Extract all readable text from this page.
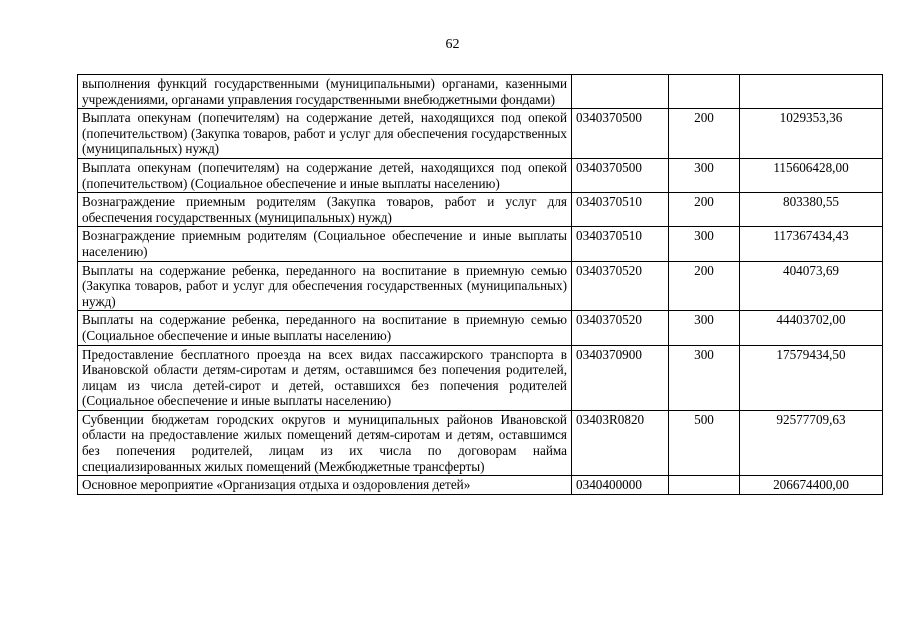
62
выполнения функций государственными (муниципальными) органами, казенными учреждениями, органами управления государственными внебюджетными фондами)			
Выплата опекунам (попечителям) на содержание детей, находящихся под опекой (попечительством) (Закупка товаров, работ и услуг для обеспечения государственных (муниципальных) нужд)	0340370500	200	1029353,36
Выплата опекунам (попечителям) на содержание детей, находящихся под опекой (попечительством) (Социальное обеспечение и иные выплаты населению)	0340370500	300	115606428,00
Вознаграждение приемным родителям (Закупка товаров, работ и услуг для обеспечения государственных (муниципальных) нужд)	0340370510	200	803380,55
Вознаграждение приемным родителям (Социальное обеспечение и иные выплаты населению)	0340370510	300	117367434,43
Выплаты на содержание ребенка, переданного на воспитание в приемную семью (Закупка товаров, работ и услуг для обеспечения государственных (муниципальных) нужд)	0340370520	200	404073,69
Выплаты на содержание ребенка, переданного на воспитание в приемную семью (Социальное обеспечение и иные выплаты населению)	0340370520	300	44403702,00
Предоставление бесплатного проезда на всех видах пассажирского транспорта в Ивановской области детям-сиротам и детям, оставшимся без попечения родителей, лицам из числа детей-сирот и детей, оставшихся без попечения родителей (Социальное обеспечение и иные выплаты населению)	0340370900	300	17579434,50
Субвенции бюджетам городских округов и муниципальных районов Ивановской области на предоставление жилых помещений детям-сиротам и детям, оставшимся без попечения родителей, лицам из их числа по договорам найма специализированных жилых помещений (Межбюджетные трансферты)	03403R0820	500	92577709,63
Основное мероприятие «Организация отдыха и оздоровления детей»	0340400000		206674400,00
